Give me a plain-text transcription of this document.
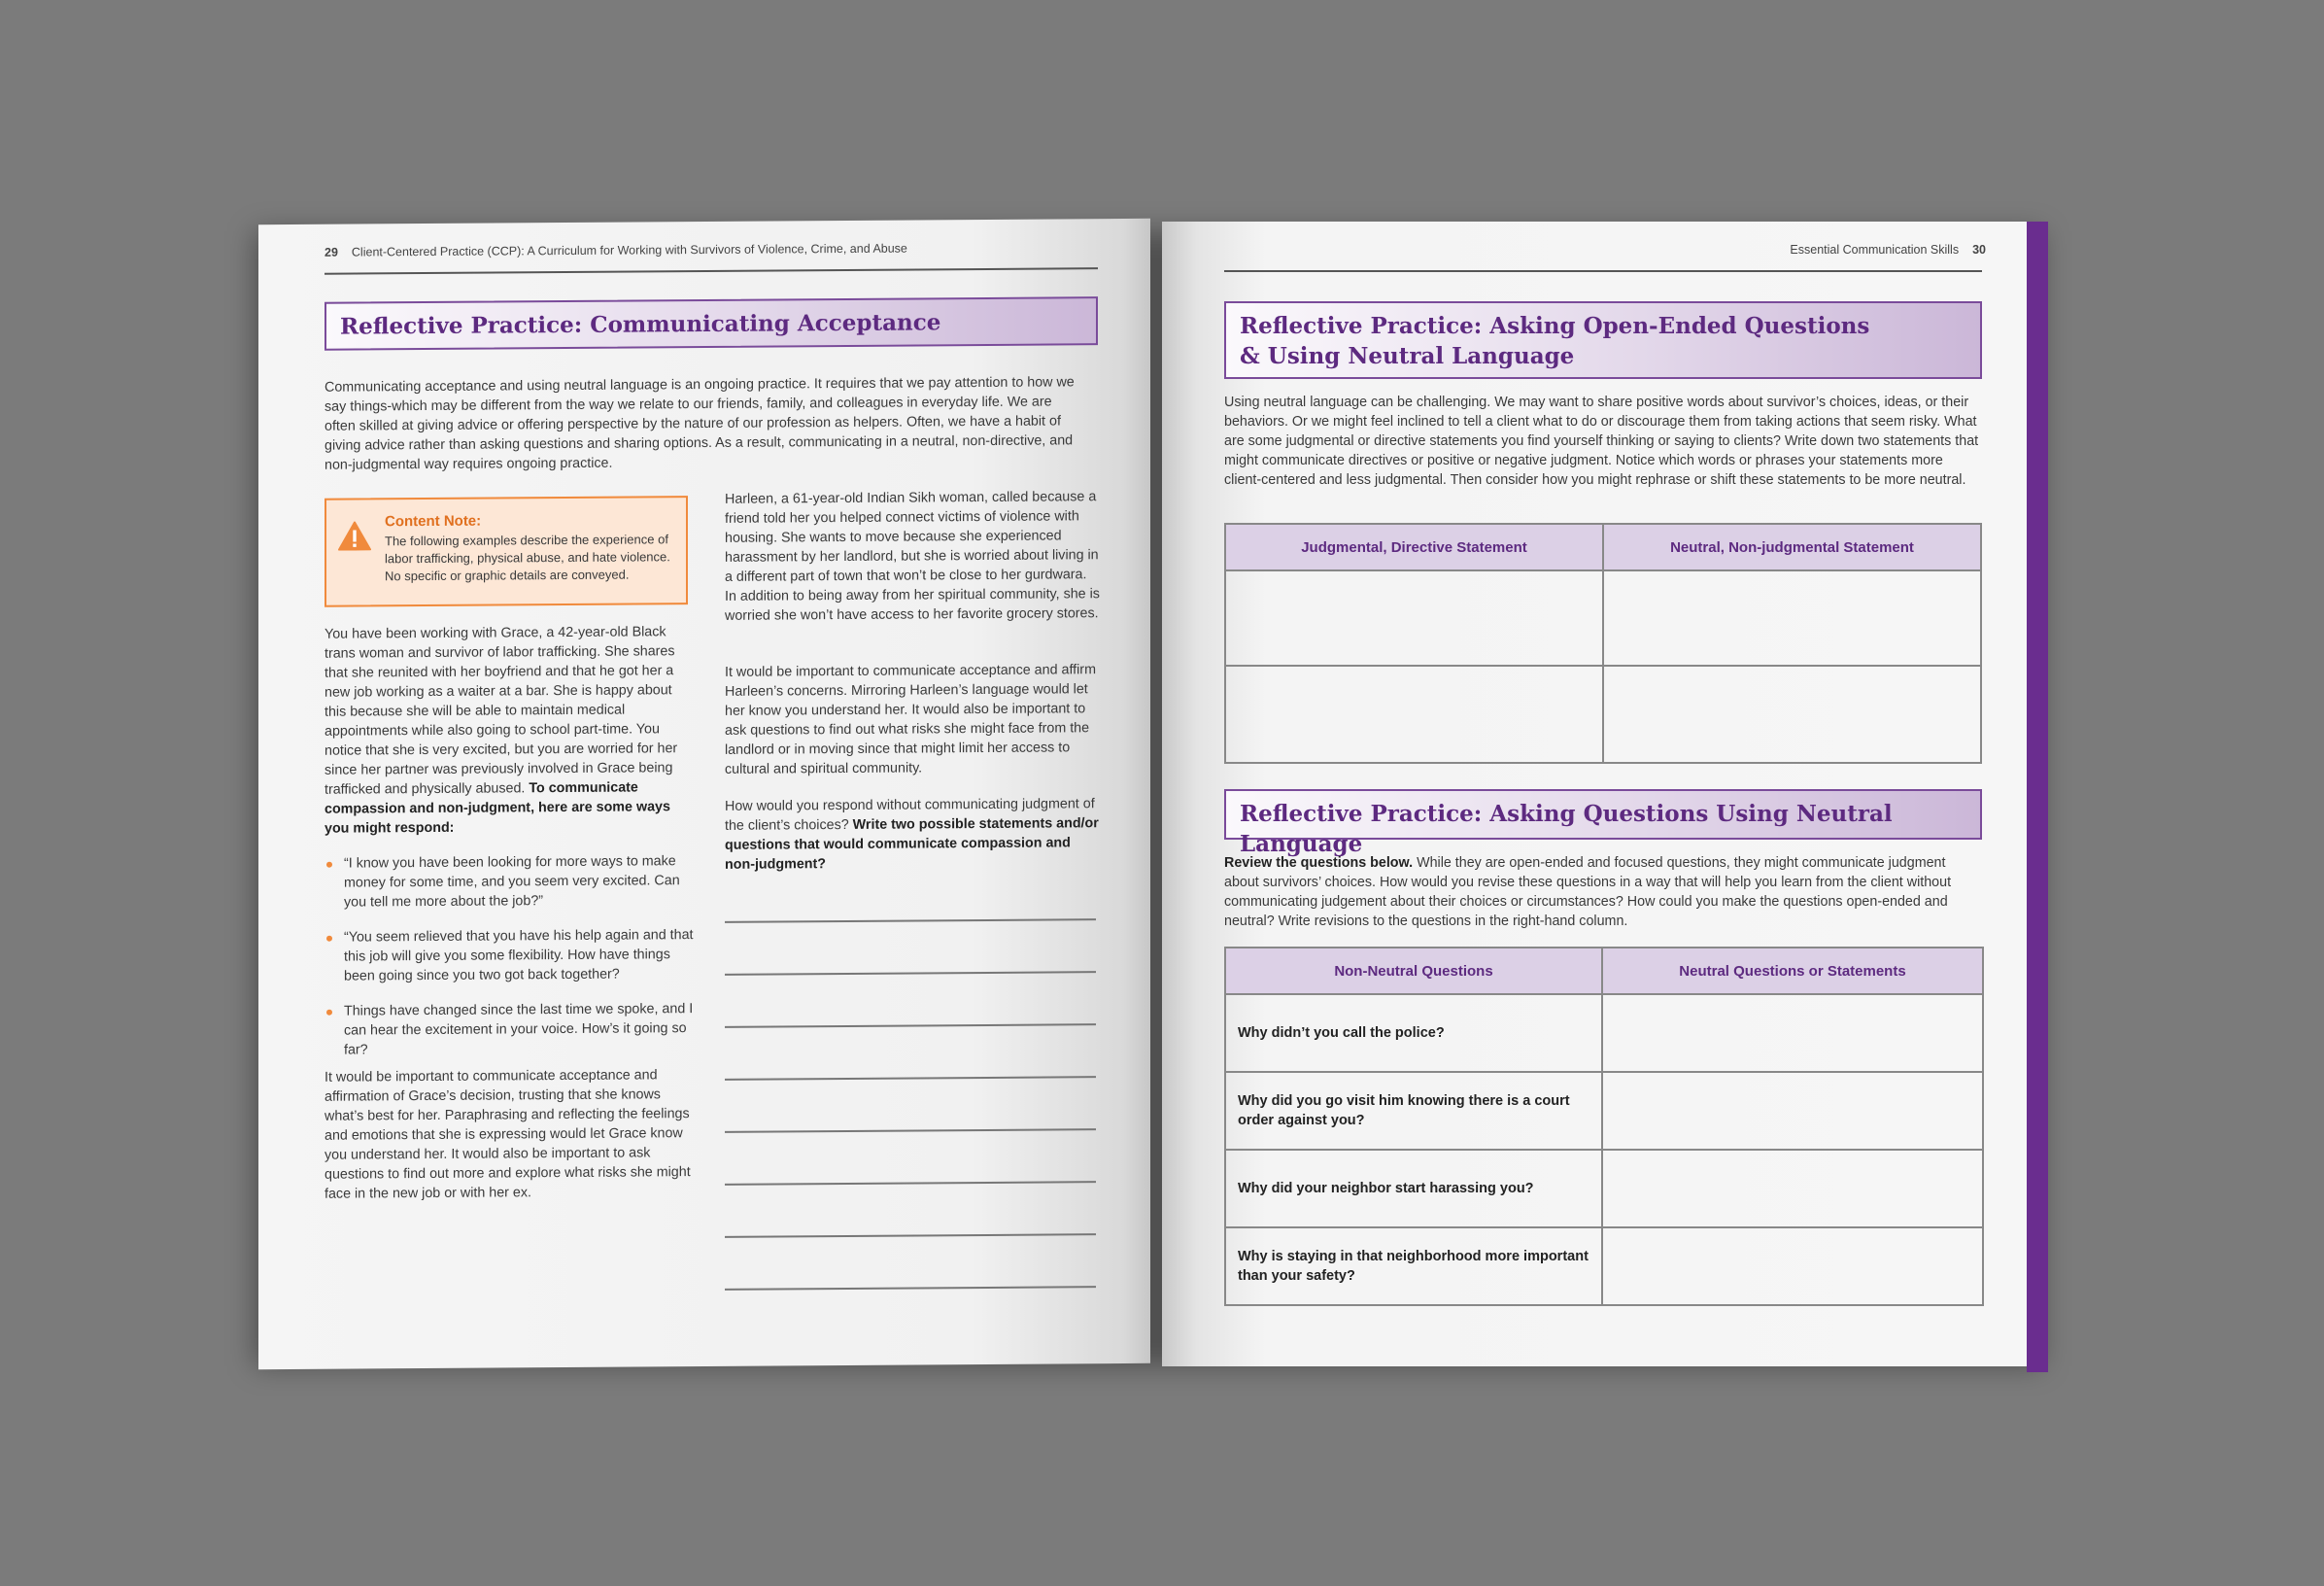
29 Client-Centered Practice (CCP): A Curriculum for Working with Survivors of Violence, Crime, and Abuse
Reflective Practice: Communicating Acceptance

Communicating acceptance and using neutral language is an ongoing practice. It requires that we pay attention to how we say things-which may be different from the way we relate to our friends, family, and colleagues in everyday life. We are often skilled at giving advice or offering perspective by the nature of our profession as helpers. Often, we have a habit of giving advice rather than asking questions and sharing options. As a result, communicating in a neutral, non-directive, and non-judgmental way requires ongoing practice.

Content Note:
The following examples describe the experience of labor trafficking, physical abuse, and hate violence. No specific or graphic details are conveyed.

You have been working with Grace, a 42-year-old Black trans woman and survivor of labor trafficking. She shares that she reunited with her boyfriend and that he got her a new job working as a waiter at a bar. She is happy about this because she will be able to maintain medical appointments while also going to school part-time. You notice that she is very excited, but you are worried for her since her partner was previously involved in Grace being trafficked and physically abused. To communicate compassion and non-judgment, here are some ways you might respond:

“I know you have been looking for more ways to make money for some time, and you seem very excited. Can you tell me more about the job?”
“You seem relieved that you have his help again and that this job will give you some flexibility. How have things been going since you two got back together?
Things have changed since the last time we spoke, and I can hear the excitement in your voice. How’s it going so far?

It would be important to communicate acceptance and affirmation of Grace’s decision, trusting that she knows what’s best for her. Paraphrasing and reflecting the feelings and emotions that she is expressing would let Grace know you understand her. It would also be important to ask questions to find out more and explore what risks she might face in the new job or with her ex.

Harleen, a 61-year-old Indian Sikh woman, called because a friend told her you helped connect victims of violence with housing. She wants to move because she experienced harassment by her landlord, but she is worried about living in a different part of town that won’t be close to her gurdwara. In addition to being away from her spiritual community, she is worried she won’t have access to her favorite grocery stores.

It would be important to communicate acceptance and affirm Harleen’s concerns. Mirroring Harleen’s language would let her know you understand her. It would also be important to ask questions to find out what risks she might face from the landlord or in moving since that might limit her access to cultural and spiritual community.

How would you respond without communicating judgment of the client’s choices? Write two possible statements and/or questions that would communicate compassion and non-judgment?

Essential Communication Skills 30
Reflective Practice: Asking Open-Ended Questions
& Using Neutral Language

Using neutral language can be challenging. We may want to share positive words about survivor’s choices, ideas, or their behaviors. Or we might feel inclined to tell a client what to do or discourage them from taking actions that seem risky. What are some judgmental or directive statements you find yourself thinking or saying to clients? Write down two statements that might communicate directives or positive or negative judgment. Notice which words or phrases your statements more client-centered and less judgmental. Then consider how you might rephrase or shift these statements to be more neutral.

Judgmental, Directive Statement	Neutral, Non-judgmental Statement

Reflective Practice: Asking Questions Using Neutral Language

Review the questions below. While they are open-ended and focused questions, they might communicate judgment about survivors’ choices. How would you revise these questions in a way that will help you learn from the client without communicating judgement about their choices or circumstances? How could you make the questions open-ended and neutral? Write revisions to the questions in the right-hand column.

Non-Neutral Questions	Neutral Questions or Statements
Why didn’t you call the police?	
Why did you go visit him knowing there is a court order against you?	
Why did your neighbor start harassing you?	
Why is staying in that neighborhood more important than your safety?	
